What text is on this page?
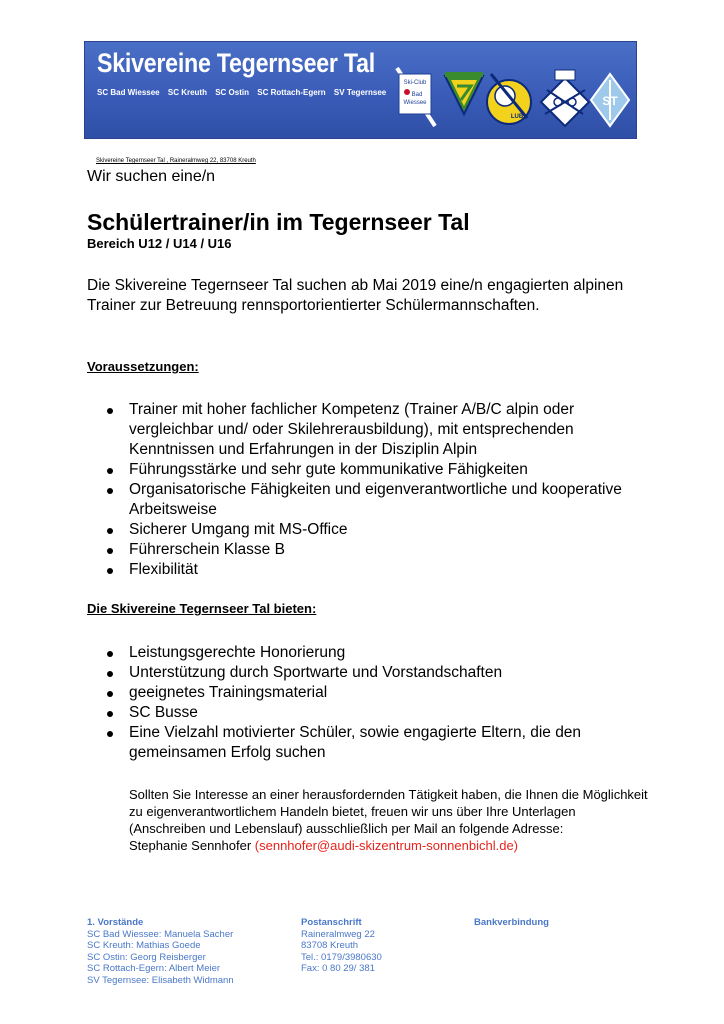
Skivereine Tegernseer Tal
SC Bad Wiessee SC Kreuth SC Ostin SC Rottach-Egern SV Tegernsee
Ski-Club
Bad
Wiessee
LUB
ST
Skivereine Tegernseer Tal , Raineralmweg 22, 83708 Kreuth
Wir suchen eine/n
Schülertrainer/in im Tegernseer Tal
Bereich U12 / U14 / U16
Die Skivereine Tegernseer Tal suchen ab Mai 2019 eine/n engagierten alpinen Trainer zur Betreuung rennsportorientierter Schülermannschaften.
Voraussetzungen:
Trainer mit hoher fachlicher Kompetenz (Trainer A/B/C alpin oder vergleichbar und/ oder Skilehrerausbildung), mit entsprechenden Kenntnissen und Erfahrungen in der Disziplin Alpin
Führungsstärke und sehr gute kommunikative Fähigkeiten
Organisatorische Fähigkeiten und eigenverantwortliche und kooperative Arbeitsweise
Sicherer Umgang mit MS-Office
Führerschein Klasse B
Flexibilität
Die Skivereine Tegernseer Tal bieten:
Leistungsgerechte Honorierung
Unterstützung durch Sportwarte und Vorstandschaften
geeignetes Trainingsmaterial
SC Busse
Eine Vielzahl motivierter Schüler, sowie engagierte Eltern, die den gemeinsamen Erfolg suchen
Sollten Sie Interesse an einer herausfordernden Tätigkeit haben, die Ihnen die Möglichkeit zu eigenverantwortlichem Handeln bietet, freuen wir uns über Ihre Unterlagen (Anschreiben und Lebenslauf) ausschließlich per Mail an folgende Adresse:
Stephanie Sennhofer (sennhofer@audi-skizentrum-sonnenbichl.de)
1. Vorstände
SC Bad Wiessee: Manuela Sacher
SC Kreuth: Mathias Goede
SC Ostin: Georg Reisberger
SC Rottach-Egern: Albert Meier
SV Tegernsee: Elisabeth Widmann
Postanschrift
Raineralmweg 22
83708 Kreuth
Tel.: 0179/3980630
Fax: 0 80 29/ 381
Bankverbindung
